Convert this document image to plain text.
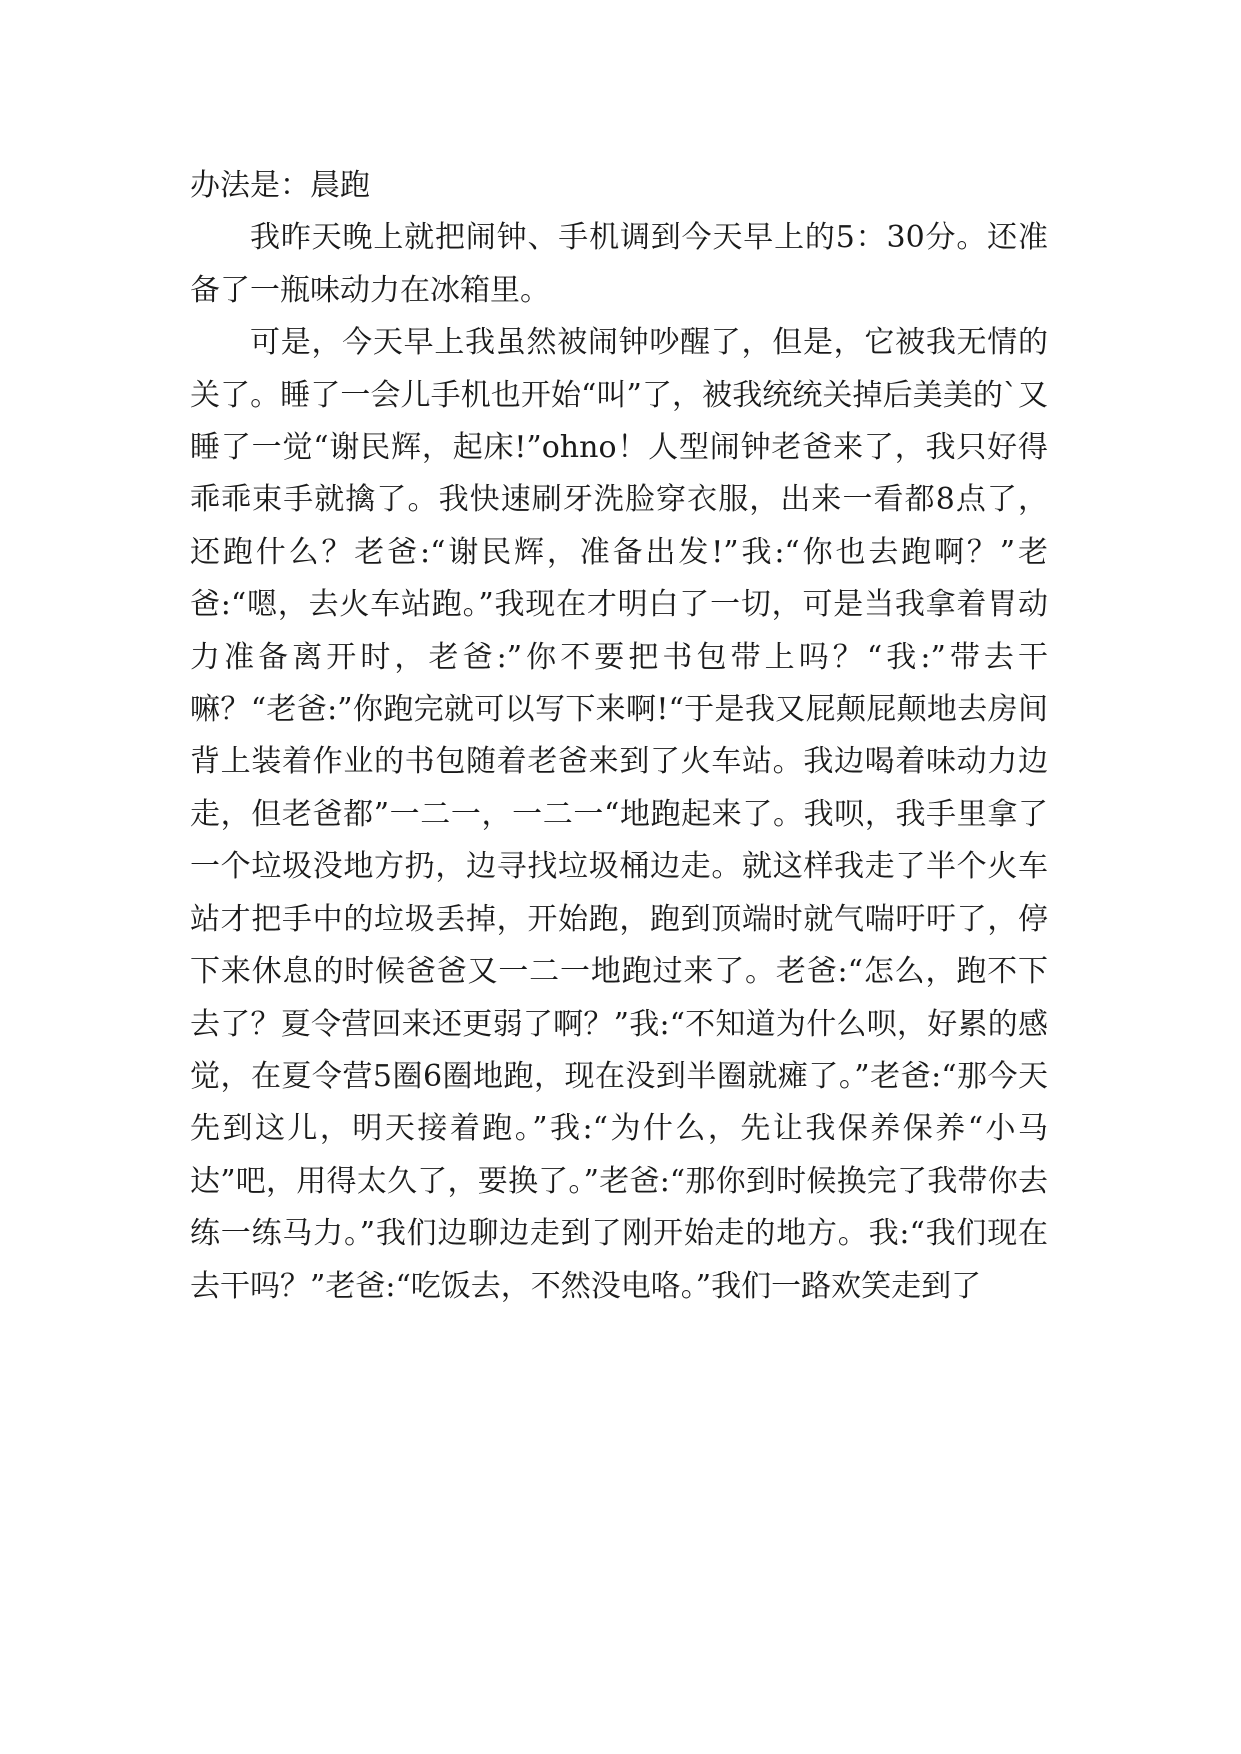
办法是：晨跑

我昨天晚上就把闹钟、手机调到今天早上的5：30分。还准备了一瓶味动力在冰箱里。

可是，今天早上我虽然被闹钟吵醒了，但是，它被我无情的关了。睡了一会儿手机也开始“叫”了，被我统统关掉后美美的`又睡了一觉“谢民辉，起床!”ohno！人型闹钟老爸来了，我只好得乖乖束手就擒了。我快速刷牙洗脸穿衣服，出来一看都8点了，还跑什么？老爸:“谢民辉，准备出发!”我:“你也去跑啊？”老爸:“嗯，去火车站跑。”我现在才明白了一切，可是当我拿着胃动力准备离开时，老爸:”你不要把书包带上吗？“我:”带去干嘛？“老爸:”你跑完就可以写下来啊!“于是我又屁颠屁颠地去房间背上装着作业的书包随着老爸来到了火车站。我边喝着味动力边走，但老爸都”一二一，一二一“地跑起来了。我呗，我手里拿了一个垃圾没地方扔，边寻找垃圾桶边走。就这样我走了半个火车站才把手中的垃圾丢掉，开始跑，跑到顶端时就气喘吁吁了，停下来休息的时候爸爸又一二一地跑过来了。老爸:“怎么，跑不下去了？夏令营回来还更弱了啊？”我:“不知道为什么呗，好累的感觉，在夏令营5圈6圈地跑，现在没到半圈就瘫了。”老爸:“那今天先到这儿，明天接着跑。”我:“为什么，先让我保养保养“小马达”吧，用得太久了，要换了。”老爸:“那你到时候换完了我带你去练一练马力。”我们边聊边走到了刚开始走的地方。我:“我们现在去干吗？”老爸:“吃饭去，不然没电咯。”我们一路欢笑走到了
